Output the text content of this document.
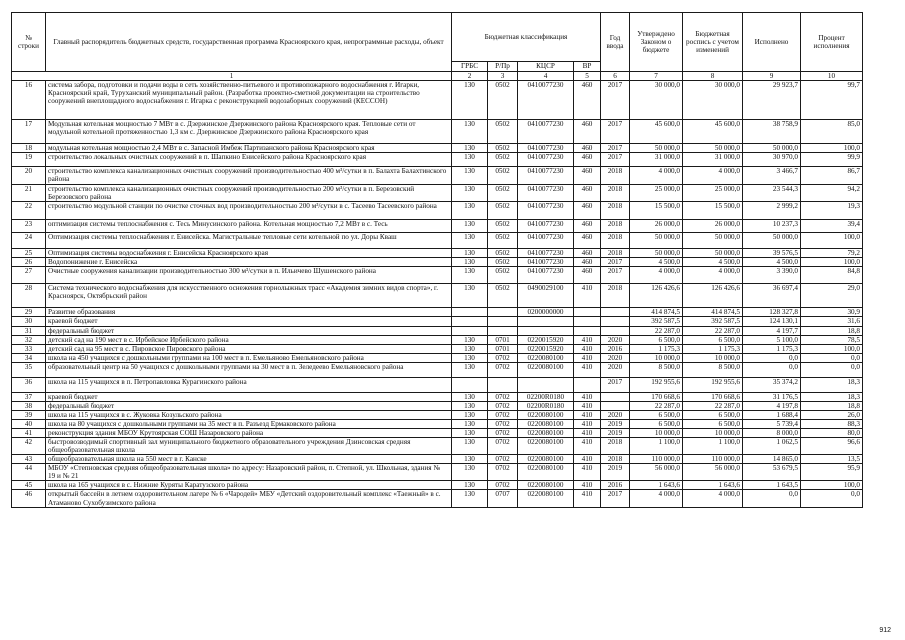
№ строки	Главный распорядитель бюджетных средств, государственная программа Красноярского края, непрограммные расходы, объект	Бюджетная классификация				Год ввода	Утверждено Законом о бюджете	Бюджетная роспись с учетом изменений	Исполнено	Процент исполнения
		ГРБС	Р/Пр	КЦСР	ВР					
1		2	3	4	5	6	7	8	9	10
16	система забора, подготовки и подачи воды в сеть хозяйственно-питьевого и противопожарного водоснабжения г. Игарки, Красноярский край, Туруханский муниципальный район. (Разработка проектно-сметной документации на строительство сооружений внеплощадного водоснабжения г. Игарка с реконструкцией водозаборных сооружений (КЕССОН)	130	0502	0410077230	460	2017	30 000,0	30 000,0	29 923,7	99,7
17	Модульная котельная мощностью 7 МВт в с. Дзержинское Дзержинского района Красноярского края. Тепловые сети от модульной котельной протяженностью 1,3 км с. Дзержинское Дзержинского района Красноярского края	130	0502	0410077230	460	2017	45 600,0	45 600,0	38 758,9	85,0
18	модульная котельная мощностью 2,4 МВт в с. Запасной Имбеж Партизанского района Красноярского края	130	0502	0410077230	460	2017	50 000,0	50 000,0	50 000,0	100,0
19	строительство локальных очистных сооружений в п. Шапкино Енисейского района Красноярского края	130	0502	0410077230	460	2017	31 000,0	31 000,0	30 970,0	99,9
20	строительство комплекса канализационных очистных сооружений производительностью 400 м³/сутки в п. Балахта Балахтинского района	130	0502	0410077230	460	2018	4 000,0	4 000,0	3 466,7	86,7
21	строительство комплекса канализационных очистных сооружений производительностью 200 м³/сутки в п. Березовский Березовского района	130	0502	0410077230	460	2018	25 000,0	25 000,0	23 544,3	94,2
22	строительство модульной станции по очистке сточных вод производительностью 200 м³/сутки в с. Тасеево Тасеевского района	130	0502	0410077230	460	2018	15 500,0	15 500,0	2 999,2	19,3
23	оптимизация системы теплоснабжения с. Тесь Минусинского района. Котельная мощностью 7,2 МВт в с. Тесь	130	0502	0410077230	460	2018	26 000,0	26 000,0	10 237,3	39,4
24	Оптимизация системы теплоснабжения г. Енисейска. Магистральные тепловые сети котельной по ул. Доры Кваш	130	0502	0410077230	460	2018	50 000,0	50 000,0	50 000,0	100,0
25	Оптимизация системы водоснабжения г. Енисейска Красноярского края	130	0502	0410077230	460	2018	50 000,0	50 000,0	39 576,5	79,2
26	Водопонижение г. Енисейска	130	0502	0410077230	460	2017	4 500,0	4 500,0	4 500,0	100,0
27	Очистные сооружения канализации производительностью 300 м³/сутки в п. Ильичево Шушенского района	130	0502	0410077230	460	2017	4 000,0	4 000,0	3 390,0	84,8
28	Система технического водоснабжения для искусственного оснежения горнолыжных трасс «Академия зимних видов спорта», г. Красноярск, Октябрьский район	130	0502	0490029100	410	2018	126 426,6	126 426,6	36 697,4	29,0
29	Развитие образования			0200000000			414 874,5	414 874,5	128 327,8	30,9
30	краевой бюджет						392 587,5	392 587,5	124 130,1	31,6
31	федеральный бюджет						22 287,0	22 287,0	4 197,7	18,8
32	детский сад на 190 мест в с. Ирбейское Ирбейского района	130	0701	0220015920	410	2020	6 500,0	6 500,0	5 100,0	78,5
33	детский сад на 95 мест в с. Пировское Пировского района	130	0701	0220015920	410	2016	1 175,3	1 175,3	1 175,3	100,0
34	школа на 450 учащихся с дошкольными группами на 100 мест в п. Емельяново Емельяновского района	130	0702	0220080100	410	2020	10 000,0	10 000,0	0,0	0,0
35	образовательный центр на 50 учащихся с дошкольными группами на 30 мест в п. Зеледеево Емельяновского района	130	0702	0220080100	410	2020	8 500,0	8 500,0	0,0	0,0
36	школа на 115 учащихся в п. Петропавловка Курагинского района					2017	192 955,6	192 955,6	35 374,2	18,3
37	краевой бюджет	130	0702	02200R0180	410		170 668,6	170 668,6	31 176,5	18,3
38	федеральный бюджет	130	0702	02200R0180	410		22 287,0	22 287,0	4 197,8	18,8
39	школа на 115 учащихся в с. Жуковка Козульского района	130	0702	0220080100	410	2020	6 500,0	6 500,0	1 688,4	26,0
40	школа на 80 учащихся с дошкольными группами на 35 мест в п. Разъезд Ермаковского района	130	0702	0220080100	410	2019	6 500,0	6 500,0	5 739,4	88,3
41	реконструкция здания МБОУ Крутоярская СОШ Назаровского района	130	0702	0220080100	410	2019	10 000,0	10 000,0	8 000,0	80,0
42	быстровозводимый спортивный зал муниципального бюджетного образовательного учреждения Дзинсовская средняя общеобразовательная школа	130	0702	0220080100	410	2018	1 100,0	1 100,0	1 062,5	96,6
43	общеобразовательная школа на 550 мест в г. Канске	130	0702	0220080100	410	2018	110 000,0	110 000,0	14 865,0	13,5
44	МБОУ «Степновская средняя общеобразовательная школа» по адресу: Назаровский район, п. Степной, ул. Школьная, здания № 19 и № 21	130	0702	0220080100	410	2019	56 000,0	56 000,0	53 679,5	95,9
45	школа на 165 учащихся в с. Нижние Куряты Каратузского района	130	0702	0220080100	410	2016	1 643,6	1 643,6	1 643,5	100,0
46	открытый бассейн в летнем оздоровительном лагере № 6 «Чародей» МБУ «Детский оздоровительный комплекс «Таежный» в с. Атаманово Сухобузимского района	130	0707	0220080100	410	2017	4 000,0	4 000,0	0,0	0,0
912
